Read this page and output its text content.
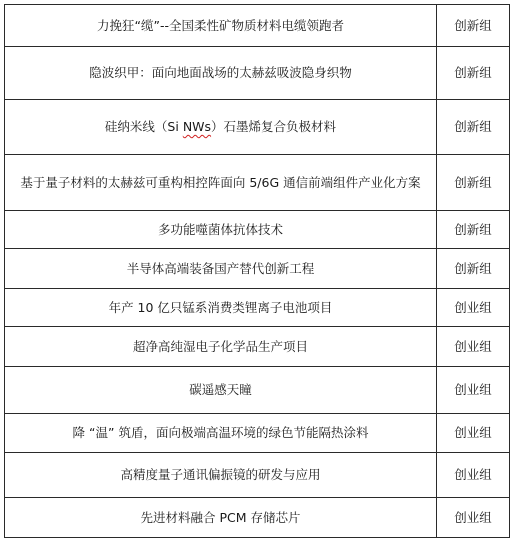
力挽狂“缆”--全国柔性矿物质材料电缆领跑者	创新组
隐波织甲：面向地面战场的太赫兹吸波隐身织物	创新组
硅纳米线（Si NWs）石墨烯复合负极材料	创新组
基于量子材料的太赫兹可重构相控阵面向 5/6G 通信前端组件产业化方案	创新组
多功能噬菌体抗体技术	创新组
半导体高端装备国产替代创新工程	创新组
年产 10 亿只锰系消费类锂离子电池项目	创业组
超净高纯湿电子化学品生产项目	创业组
碳遥感天瞳	创业组
降 “温” 筑盾，面向极端高温环境的绿色节能隔热涂料	创业组
高精度量子通讯偏振镜的研发与应用	创业组
先进材料融合 PCM 存储芯片	创业组
